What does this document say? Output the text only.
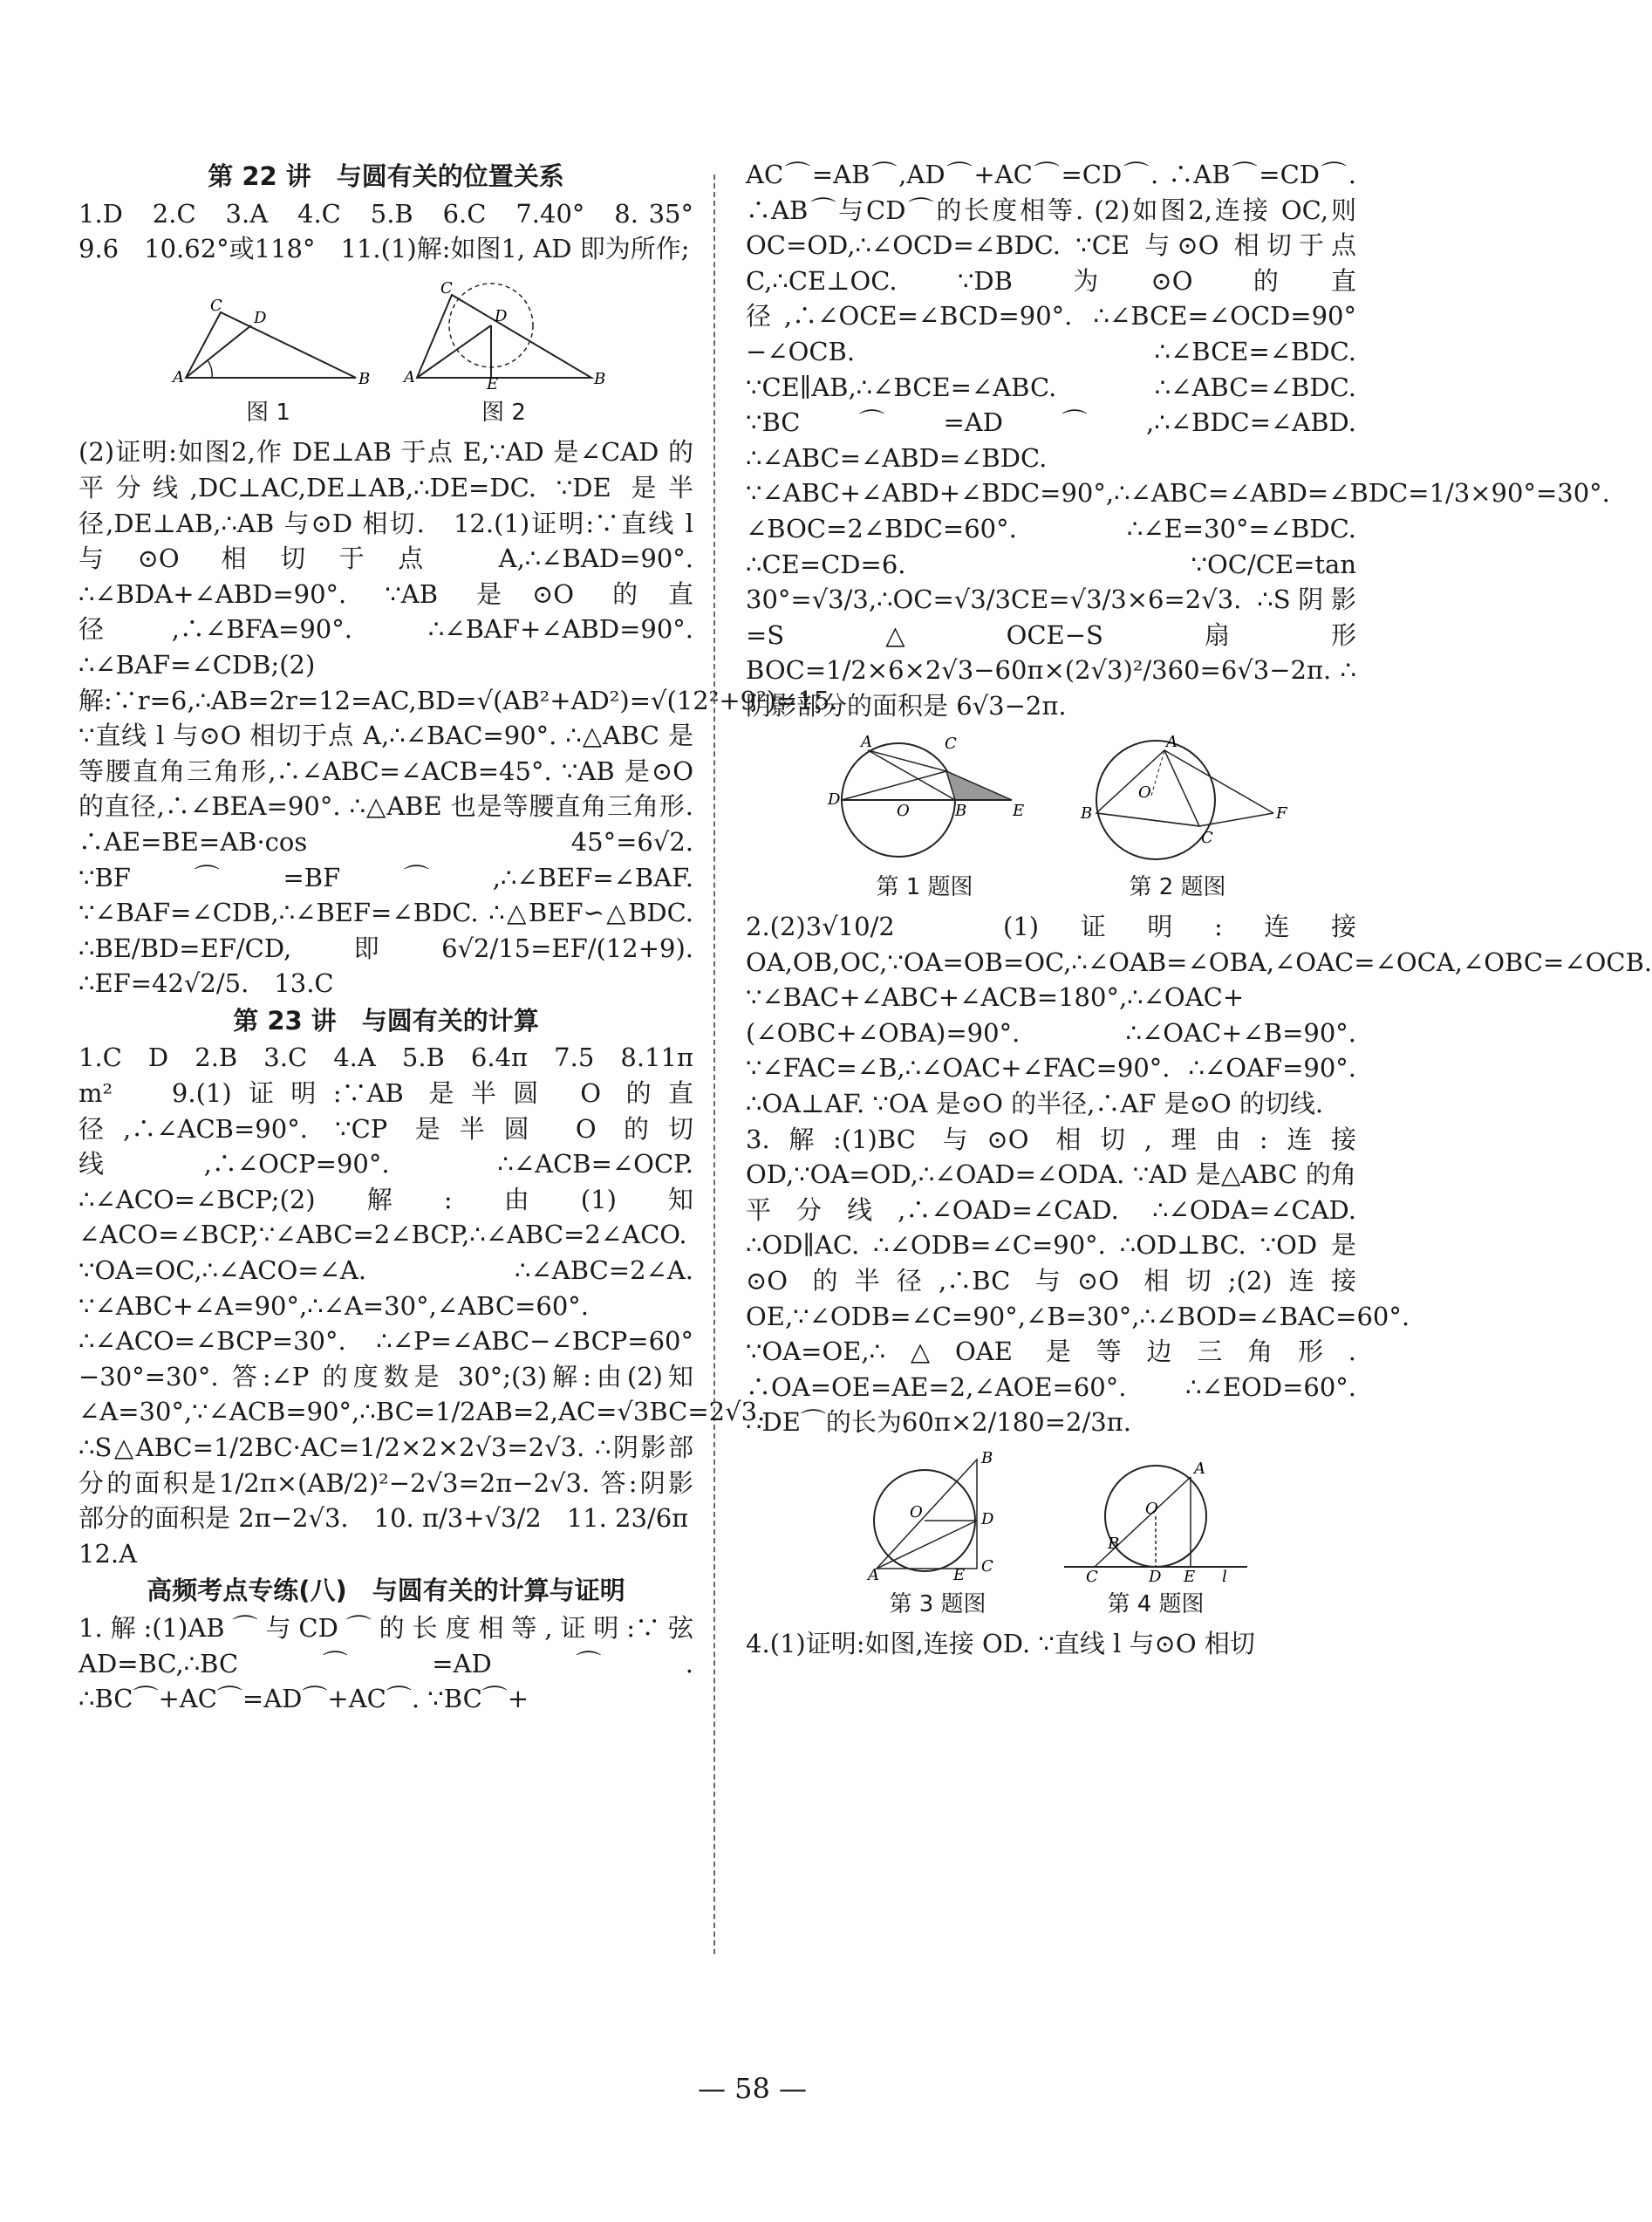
第 22 讲　与圆有关的位置关系
1.D　2.C　3.A　4.C　5.B　6.C　7.40°　8. 35°　9.6　10.62°或118°　11.(1)解:如图1, AD 即为所作;
A
C
D
B
图 1
A
C
D
E	B
图 2
(2)证明:如图2,作 DE⊥AB 于点 E,∵AD 是∠CAD 的平分线,DC⊥AC,DE⊥AB,∴DE=DC. ∵DE 是半径,DE⊥AB,∴AB 与⊙D 相切.　12.(1)证明:∵直线 l 与⊙O 相切于点 A,∴∠BAD=90°. ∴∠BDA+∠ABD=90°. ∵AB 是⊙O 的直径,∴∠BFA=90°. ∴∠BAF+∠ABD=90°. ∴∠BAF=∠CDB;(2)解:∵r=6,∴AB=2r=12=AC,BD=√(AB²+AD²)=√(12²+9²)=15. ∵直线 l 与⊙O 相切于点 A,∴∠BAC=90°. ∴△ABC 是等腰直角三角形,∴∠ABC=∠ACB=45°. ∵AB 是⊙O 的直径,∴∠BEA=90°. ∴△ABE 也是等腰直角三角形. ∴AE=BE=AB·cos 45°=6√2. ∵BF⌒=BF⌒,∴∠BEF=∠BAF. ∵∠BAF=∠CDB,∴∠BEF=∠BDC. ∴△BEF∽△BDC. ∴BE/BD=EF/CD,即6√2/15=EF/(12+9). ∴EF=42√2/5.　13.C
第 23 讲　与圆有关的计算
1.C　D　2.B　3.C　4.A　5.B　6.4π　7.5　8.11π m²　9.(1)证明:∵AB 是半圆 O 的直径,∴∠ACB=90°. ∵CP 是半圆 O 的切线,∴∠OCP=90°. ∴∠ACB=∠OCP. ∴∠ACO=∠BCP;(2)解:由(1)知∠ACO=∠BCP,∵∠ABC=2∠BCP,∴∠ABC=2∠ACO. ∵OA=OC,∴∠ACO=∠A. ∴∠ABC=2∠A. ∵∠ABC+∠A=90°,∴∠A=30°,∠ABC=60°. ∴∠ACO=∠BCP=30°. ∴∠P=∠ABC−∠BCP=60°−30°=30°. 答:∠P 的度数是 30°;(3)解:由(2)知∠A=30°,∵∠ACB=90°,∴BC=1/2AB=2,AC=√3BC=2√3. ∴S△ABC=1/2BC·AC=1/2×2×2√3=2√3. ∴阴影部分的面积是1/2π×(AB/2)²−2√3=2π−2√3. 答:阴影部分的面积是 2π−2√3.　10. π/3+√3/2　11. 23/6π
12.A
高频考点专练(八)　与圆有关的计算与证明
1.解:(1)AB⌒与CD⌒的长度相等,证明:∵弦 AD=BC,∴BC⌒=AD⌒. ∴BC⌒+AC⌒=AD⌒+AC⌒. ∵BC⌒+
AC⌒=AB⌒,AD⌒+AC⌒=CD⌒. ∴AB⌒=CD⌒. ∴AB⌒与CD⌒的长度相等. (2)如图2,连接 OC,则 OC=OD,∴∠OCD=∠BDC. ∵CE 与⊙O 相切于点 C,∴CE⊥OC. ∵DB 为⊙O 的直径,∴∠OCE=∠BCD=90°. ∴∠BCE=∠OCD=90°−∠OCB. ∴∠BCE=∠BDC. ∵CE∥AB,∴∠BCE=∠ABC. ∴∠ABC=∠BDC. ∵BC⌒=AD⌒,∴∠BDC=∠ABD. ∴∠ABC=∠ABD=∠BDC. ∵∠ABC+∠ABD+∠BDC=90°,∴∠ABC=∠ABD=∠BDC=1/3×90°=30°. ∠BOC=2∠BDC=60°. ∴∠E=30°=∠BDC. ∴CE=CD=6. ∵OC/CE=tan 30°=√3/3,∴OC=√3/3CE=√3/3×6=2√3. ∴S阴影=S△OCE−S扇形BOC=1/2×6×2√3−60π×(2√3)²/360=6√3−2π. ∴阴影部分的面积是 6√3−2π.
A	C
D
O	B	E
第 1 题图
A
O
B
C
F
第 2 题图
2.(2)3√10/2　(1)证明:连接 OA,OB,OC,∵OA=OB=OC,∴∠OAB=∠OBA,∠OAC=∠OCA,∠OBC=∠OCB. ∵∠BAC+∠ABC+∠ACB=180°,∴∠OAC+(∠OBC+∠OBA)=90°. ∴∠OAC+∠B=90°. ∵∠FAC=∠B,∴∠OAC+∠FAC=90°. ∴∠OAF=90°. ∴OA⊥AF. ∵OA 是⊙O 的半径,∴AF 是⊙O 的切线.
3.解:(1)BC 与⊙O 相切,理由:连接 OD,∵OA=OD,∴∠OAD=∠ODA. ∵AD 是△ABC 的角平分线,∴∠OAD=∠CAD. ∴∠ODA=∠CAD. ∴OD∥AC. ∴∠ODB=∠C=90°. ∴OD⊥BC. ∵OD 是⊙O 的半径,∴BC 与⊙O 相切;(2)连接 OE,∵∠ODB=∠C=90°,∠B=30°,∴∠BOD=∠BAC=60°. ∵OA=OE,∴△OAE 是等边三角形. ∴OA=OE=AE=2,∠AOE=60°. ∴∠EOD=60°. ∴DE⌒的长为60π×2/180=2/3π.
B
O	D
A	E C
第 3 题图
A
O
B
C	D E l
第 4 题图
4.(1)证明:如图,连接 OD. ∵直线 l 与⊙O 相切
— 58 —
